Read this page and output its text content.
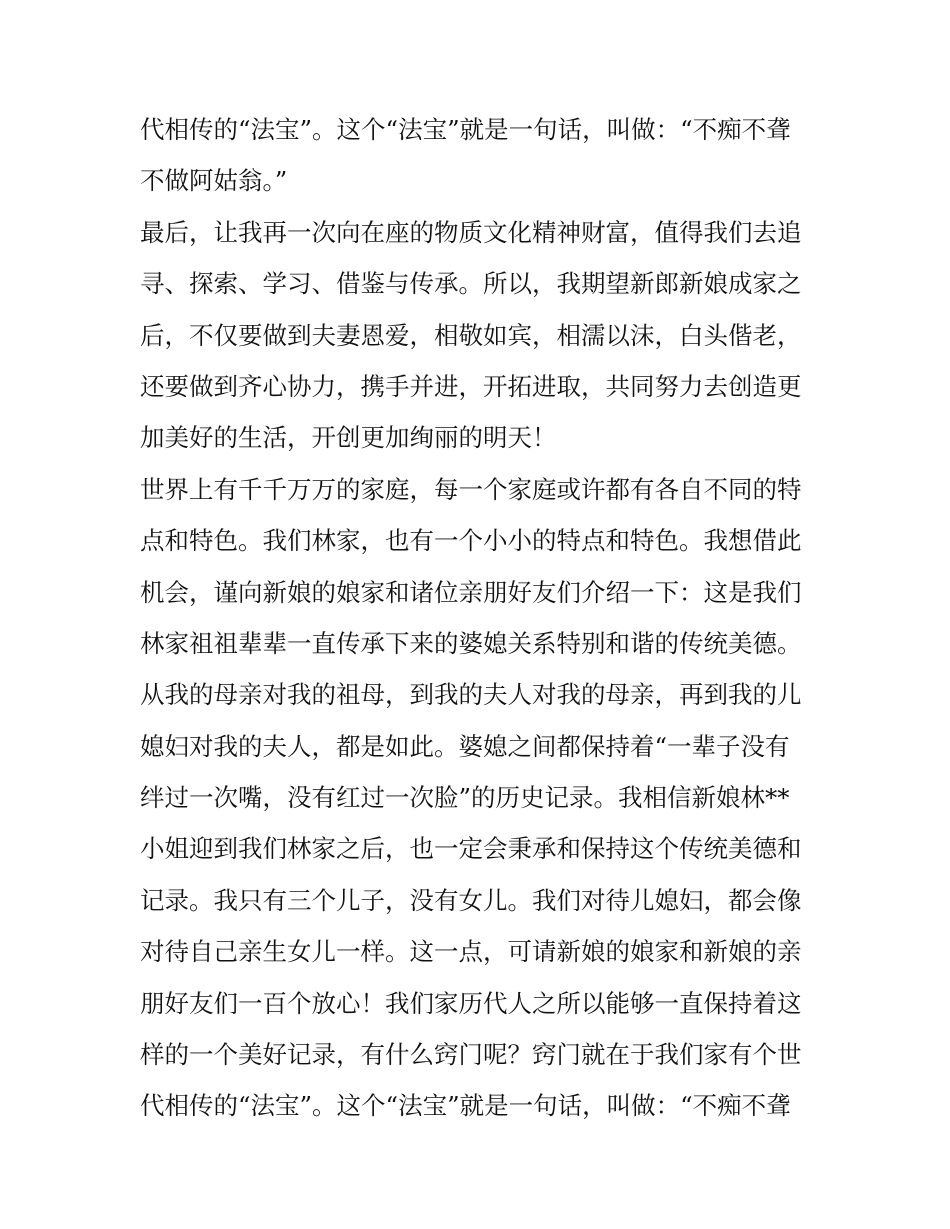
代相传的“法宝”。这个“法宝”就是一句话，叫做：“不痴不聋
不做阿姑翁。”
最后，让我再一次向在座的物质文化精神财富，值得我们去追
寻、探索、学习、借鉴与传承。所以，我期望新郎新娘成家之
后，不仅要做到夫妻恩爱，相敬如宾，相濡以沫，白头偕老，
还要做到齐心协力，携手并进，开拓进取，共同努力去创造更
加美好的生活，开创更加绚丽的明天！
世界上有千千万万的家庭，每一个家庭或许都有各自不同的特
点和特色。我们林家，也有一个小小的特点和特色。我想借此
机会，谨向新娘的娘家和诸位亲朋好友们介绍一下：这是我们
林家祖祖辈辈一直传承下来的婆媳关系特别和谐的传统美德。
从我的母亲对我的祖母，到我的夫人对我的母亲，再到我的儿
媳妇对我的夫人，都是如此。婆媳之间都保持着“一辈子没有
绊过一次嘴，没有红过一次脸”的历史记录。我相信新娘林**
小姐迎到我们林家之后，也一定会秉承和保持这个传统美德和
记录。我只有三个儿子，没有女儿。我们对待儿媳妇，都会像
对待自己亲生女儿一样。这一点，可请新娘的娘家和新娘的亲
朋好友们一百个放心！我们家历代人之所以能够一直保持着这
样的一个美好记录，有什么窍门呢？窍门就在于我们家有个世
代相传的“法宝”。这个“法宝”就是一句话，叫做：“不痴不聋
